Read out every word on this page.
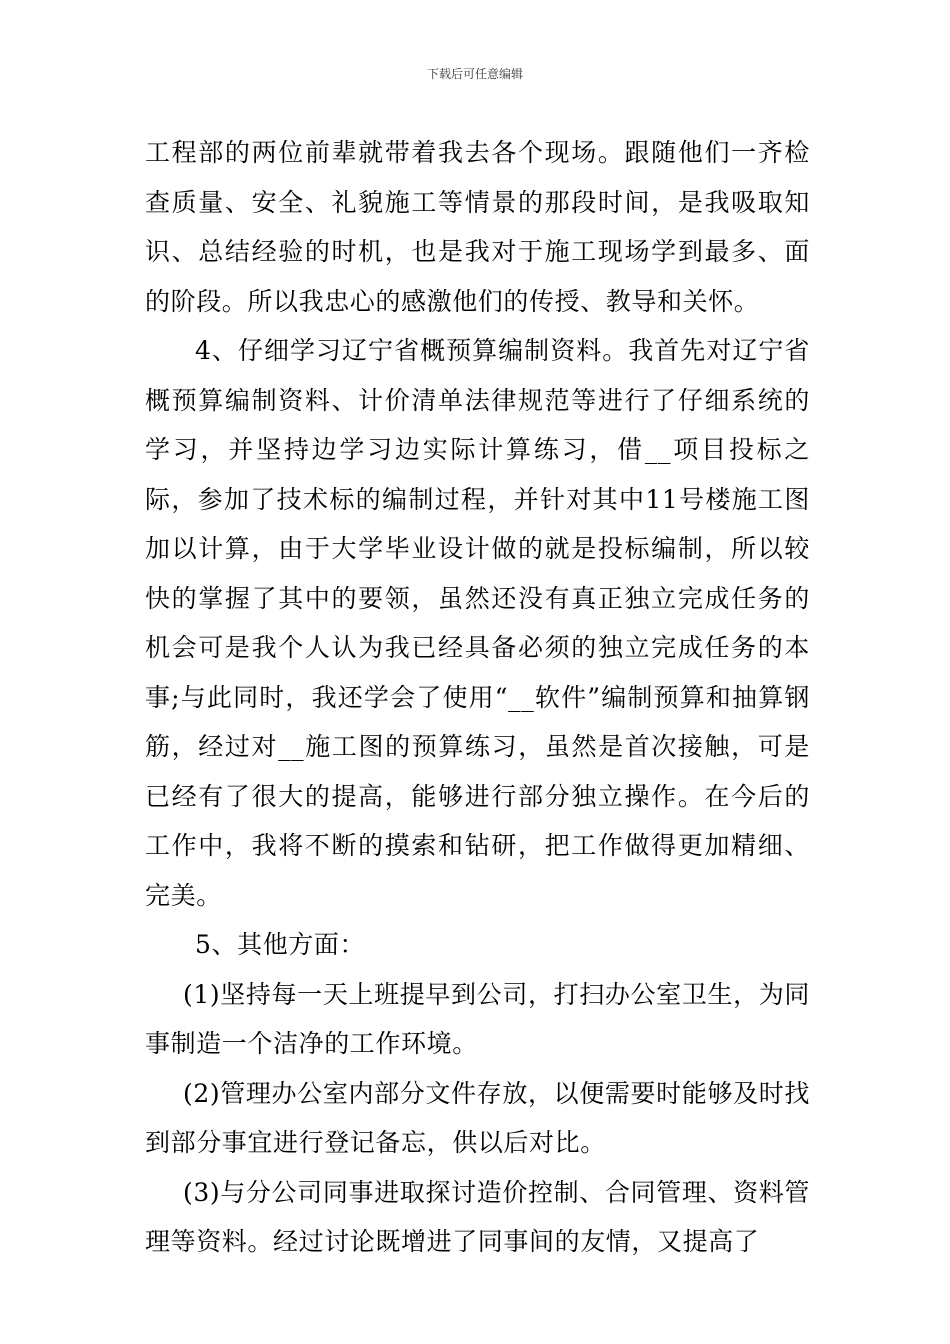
下载后可任意编辑

工程部的两位前辈就带着我去各个现场。跟随他们一齐检查质量、安全、礼貌施工等情景的那段时间，是我吸取知识、总结经验的时机，也是我对于施工现场学到最多、面的阶段。所以我忠心的感激他们的传授、教导和关怀。

4、仔细学习辽宁省概预算编制资料。我首先对辽宁省概预算编制资料、计价清单法律规范等进行了仔细系统的学习，并坚持边学习边实际计算练习，借__项目投标之际，参加了技术标的编制过程，并针对其中11号楼施工图加以计算，由于大学毕业设计做的就是投标编制，所以较快的掌握了其中的要领，虽然还没有真正独立完成任务的机会可是我个人认为我已经具备必须的独立完成任务的本事;与此同时，我还学会了使用“__软件”编制预算和抽算钢筋，经过对__施工图的预算练习，虽然是首次接触，可是已经有了很大的提高，能够进行部分独立操作。在今后的工作中，我将不断的摸索和钻研，把工作做得更加精细、完美。

5、其他方面：

(1)坚持每一天上班提早到公司，打扫办公室卫生，为同事制造一个洁净的工作环境。

(2)管理办公室内部分文件存放，以便需要时能够及时找到部分事宜进行登记备忘，供以后对比。

(3)与分公司同事进取探讨造价控制、合同管理、资料管理等资料。经过讨论既增进了同事间的友情，又提高了
